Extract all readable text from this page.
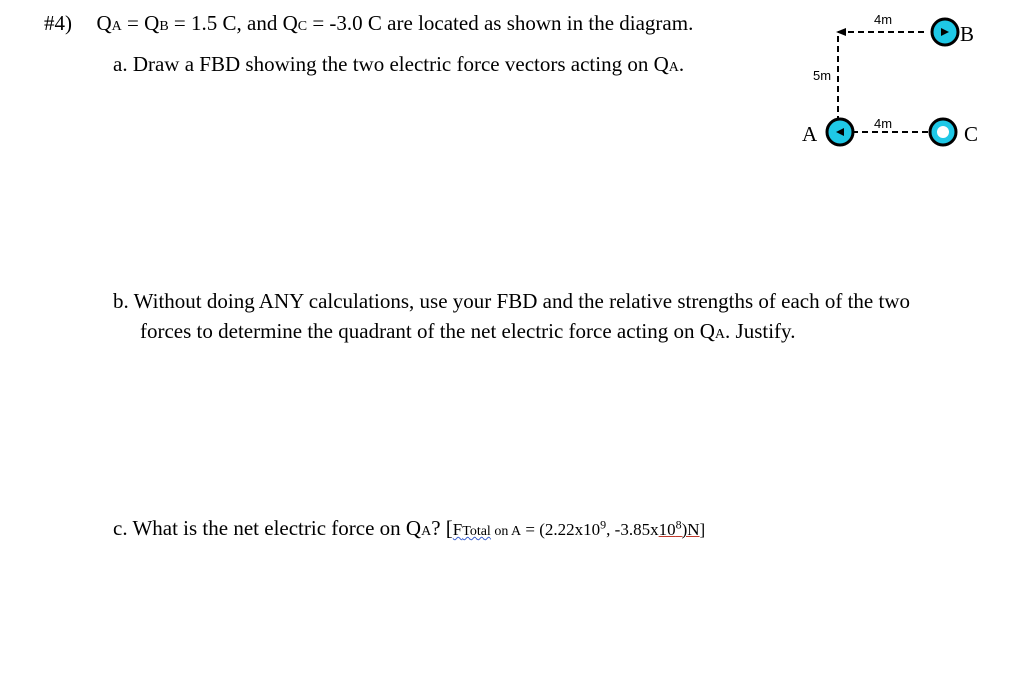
#4) QA = QB = 1.5 C, and QC = -3.0 C are located as shown in the diagram.
a. Draw a FBD showing the two electric force vectors acting on QA.
b. Without doing ANY calculations, use your FBD and the relative strengths of each of the two
forces to determine the quadrant of the net electric force acting on QA. Justify.
c. What is the net electric force on QA? [FTotal on $A = (2.22x10^9$, $-3.85x10^8)N$]
4m
5m
4m
B
A	C
